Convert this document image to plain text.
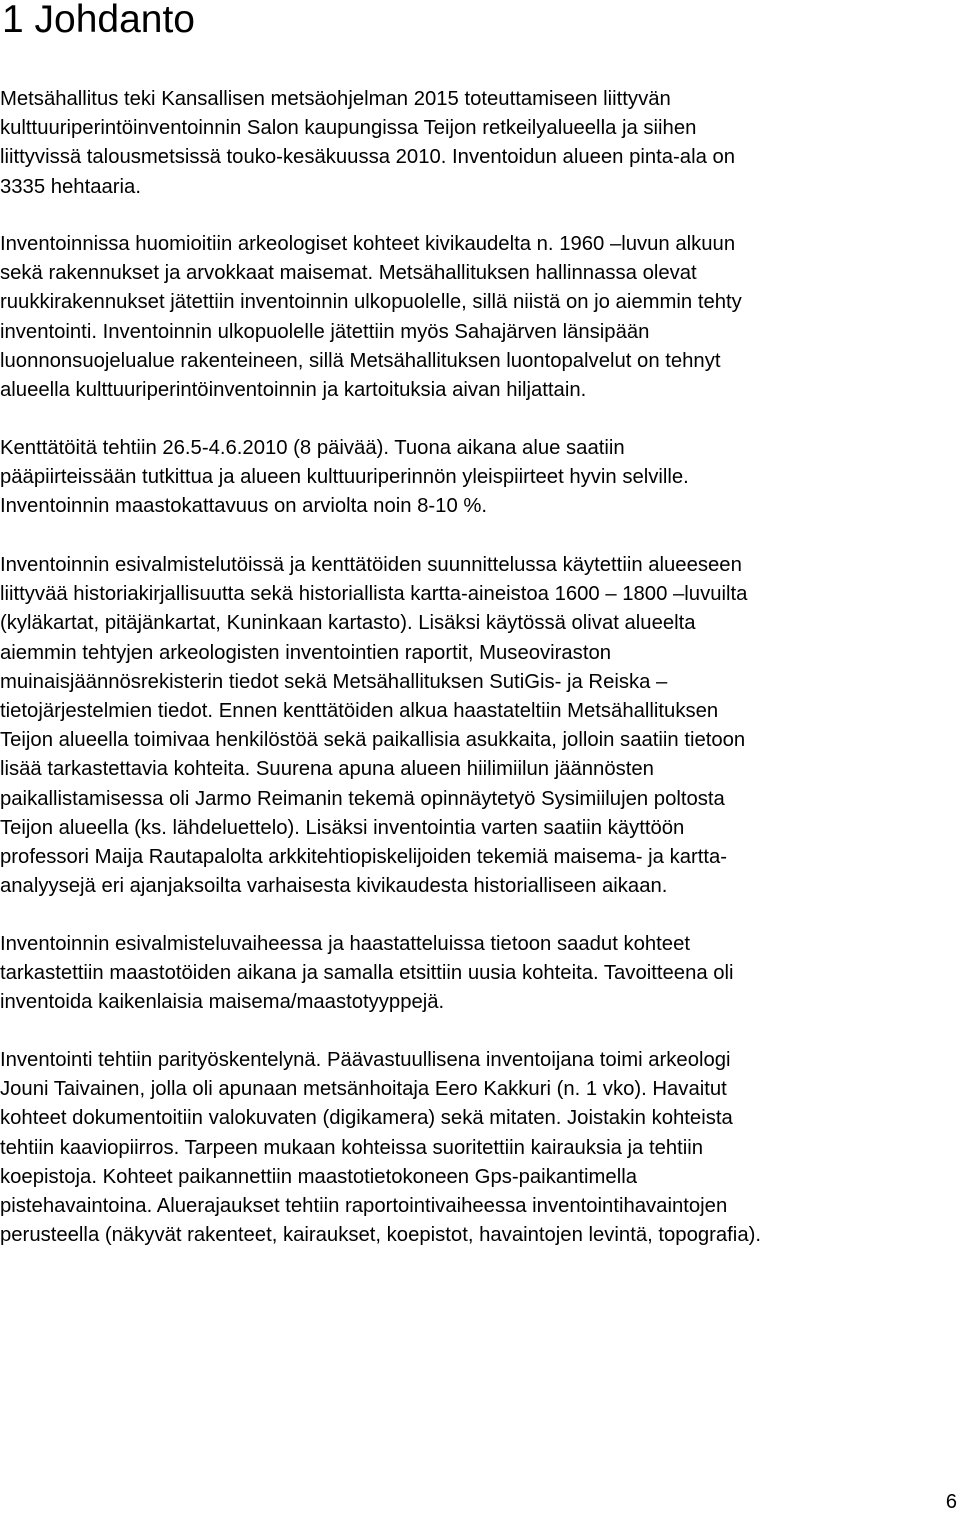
1 Johdanto

Metsähallitus teki Kansallisen metsäohjelman 2015 toteuttamiseen liittyvän
kulttuuriperintöinventoinnin Salon kaupungissa Teijon retkeilyalueella ja siihen
liittyvissä talousmetsissä touko-kesäkuussa 2010. Inventoidun alueen pinta-ala on
3335 hehtaaria.

Inventoinnissa huomioitiin arkeologiset kohteet kivikaudelta n. 1960 –luvun alkuun
sekä rakennukset ja arvokkaat maisemat. Metsähallituksen hallinnassa olevat
ruukkirakennukset jätettiin inventoinnin ulkopuolelle, sillä niistä on jo aiemmin tehty
inventointi. Inventoinnin ulkopuolelle jätettiin myös Sahajärven länsipään
luonnonsuojelualue rakenteineen, sillä Metsähallituksen luontopalvelut on tehnyt
alueella kulttuuriperintöinventoinnin ja kartoituksia aivan hiljattain.

Kenttätöitä tehtiin 26.5-4.6.2010 (8 päivää). Tuona aikana alue saatiin
pääpiirteissään tutkittua ja alueen kulttuuriperinnön yleispiirteet hyvin selville.
Inventoinnin maastokattavuus on arviolta noin 8-10 %.

Inventoinnin esivalmistelutöissä ja kenttätöiden suunnittelussa käytettiin alueeseen
liittyvää historiakirjallisuutta sekä historiallista kartta-aineistoa 1600 – 1800 –luvuilta
(kyläkartat, pitäjänkartat, Kuninkaan kartasto). Lisäksi käytössä olivat alueelta
aiemmin tehtyjen arkeologisten inventointien raportit, Museoviraston
muinaisjäännösrekisterin tiedot sekä Metsähallituksen SutiGis- ja Reiska –
tietojärjestelmien tiedot. Ennen kenttätöiden alkua haastateltiin Metsähallituksen
Teijon alueella toimivaa henkilöstöä sekä paikallisia asukkaita, jolloin saatiin tietoon
lisää tarkastettavia kohteita. Suurena apuna alueen hiilimiilun jäännösten
paikallistamisessa oli Jarmo Reimanin tekemä opinnäytetyö Sysimiilujen poltosta
Teijon alueella (ks. lähdeluettelo). Lisäksi inventointia varten saatiin käyttöön
professori Maija Rautapalolta arkkitehtiopiskelijoiden tekemiä maisema- ja kartta-
analyysejä eri ajanjaksoilta varhaisesta kivikaudesta historialliseen aikaan.

Inventoinnin esivalmisteluvaiheessa ja haastatteluissa tietoon saadut kohteet
tarkastettiin maastotöiden aikana ja samalla etsittiin uusia kohteita. Tavoitteena oli
inventoida kaikenlaisia maisema/maastotyyppejä.

Inventointi tehtiin parityöskentelynä. Päävastuullisena inventoijana toimi arkeologi
Jouni Taivainen, jolla oli apunaan metsänhoitaja Eero Kakkuri (n. 1 vko). Havaitut
kohteet dokumentoitiin valokuvaten (digikamera) sekä mitaten. Joistakin kohteista
tehtiin kaaviopiirros. Tarpeen mukaan kohteissa suoritettiin kairauksia ja tehtiin
koepistoja. Kohteet paikannettiin maastotietokoneen Gps-paikantimella
pistehavaintoina. Aluerajaukset tehtiin raportointivaiheessa inventointihavaintojen
perusteella (näkyvät rakenteet, kairaukset, koepistot, havaintojen levintä, topografia).

6
